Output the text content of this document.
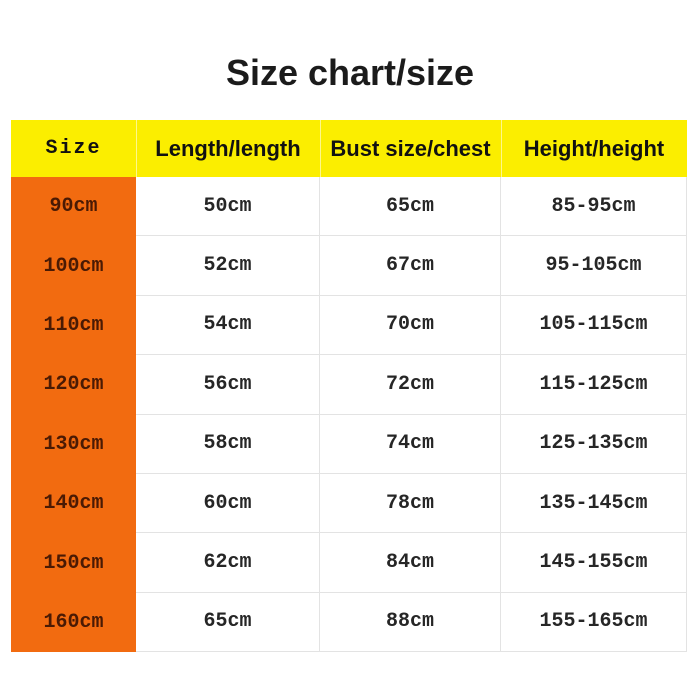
Size chart/size
Size	Length/length	Bust size/chest	Height/height
90cm	50cm	65cm	85-95cm
100cm	52cm	67cm	95-105cm
110cm	54cm	70cm	105-115cm
120cm	56cm	72cm	115-125cm
130cm	58cm	74cm	125-135cm
140cm	60cm	78cm	135-145cm
150cm	62cm	84cm	145-155cm
160cm	65cm	88cm	155-165cm
